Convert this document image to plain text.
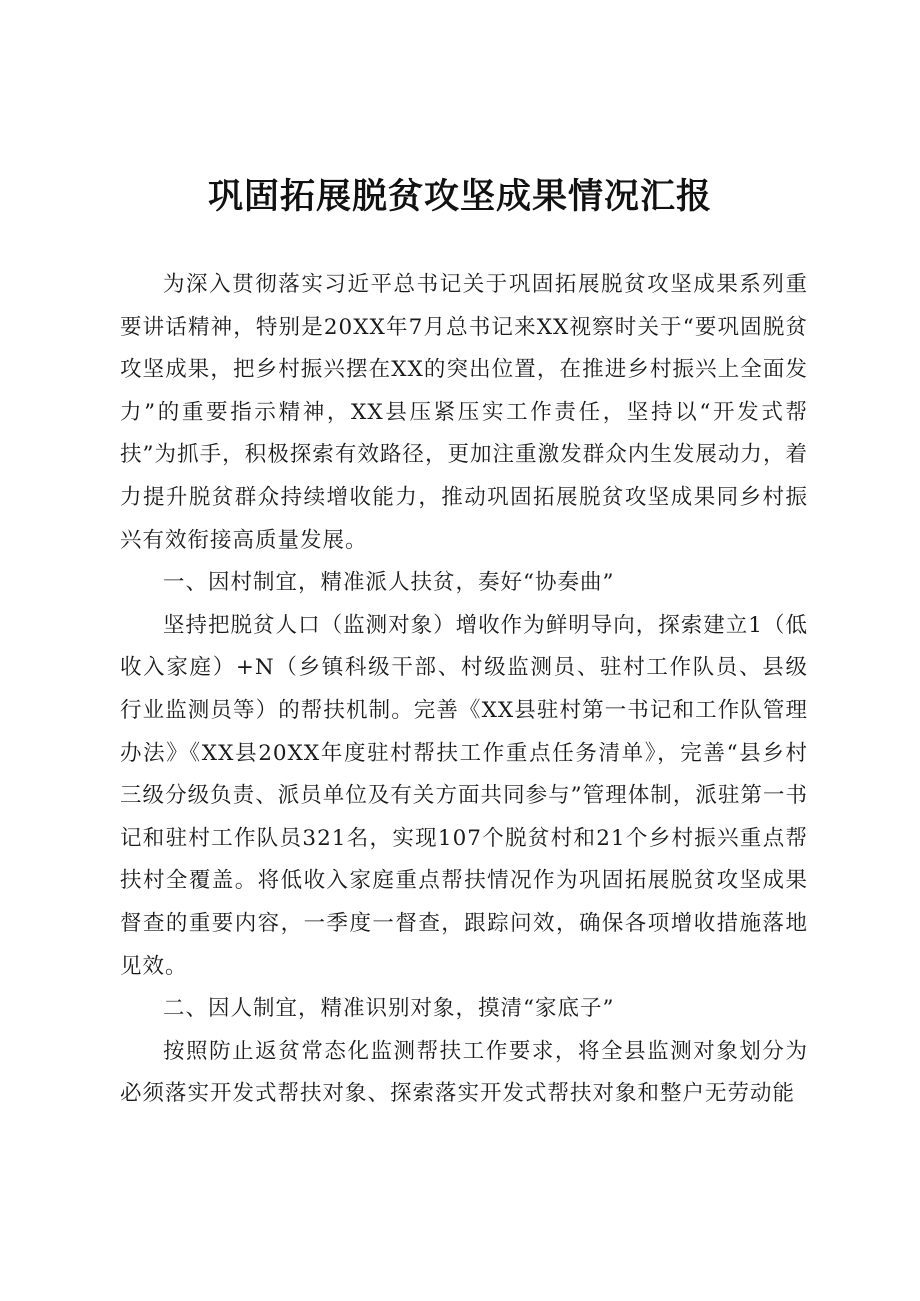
巩固拓展脱贫攻坚成果情况汇报

为深入贯彻落实习近平总书记关于巩固拓展脱贫攻坚成果系列重要讲话精神，特别是20XX年7月总书记来XX视察时关于“要巩固脱贫攻坚成果，把乡村振兴摆在XX的突出位置，在推进乡村振兴上全面发力”的重要指示精神，XX县压紧压实工作责任，坚持以“开发式帮扶”为抓手，积极探索有效路径，更加注重激发群众内生发展动力，着力提升脱贫群众持续增收能力，推动巩固拓展脱贫攻坚成果同乡村振兴有效衔接高质量发展。

一、因村制宜，精准派人扶贫，奏好“协奏曲”

坚持把脱贫人口（监测对象）增收作为鲜明导向，探索建立1（低收入家庭）+N（乡镇科级干部、村级监测员、驻村工作队员、县级行业监测员等）的帮扶机制。完善《XX县驻村第一书记和工作队管理办法》《XX县20XX年度驻村帮扶工作重点任务清单》，完善“县乡村三级分级负责、派员单位及有关方面共同参与”管理体制，派驻第一书记和驻村工作队员321名，实现107个脱贫村和21个乡村振兴重点帮扶村全覆盖。将低收入家庭重点帮扶情况作为巩固拓展脱贫攻坚成果督查的重要内容，一季度一督查，跟踪问效，确保各项增收措施落地见效。

二、因人制宜，精准识别对象，摸清“家底子”

按照防止返贫常态化监测帮扶工作要求，将全县监测对象划分为必须落实开发式帮扶对象、探索落实开发式帮扶对象和整户无劳动能
